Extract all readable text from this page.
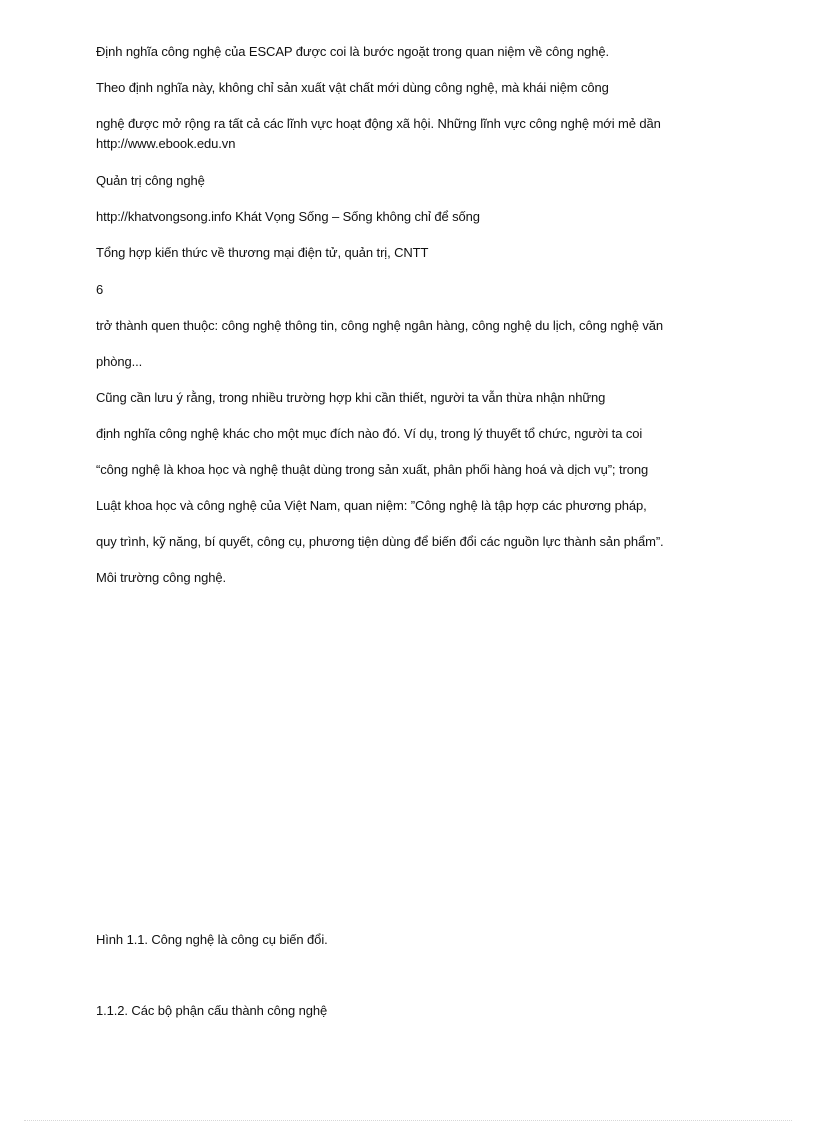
Định nghĩa công nghệ của ESCAP được coi là bước ngoặt trong quan niệm về công nghệ.
Theo định nghĩa này, không chỉ sản xuất vật chất mới dùng công nghệ, mà khái niệm công
nghệ được mở rộng ra tất cả các lĩnh vực hoạt động xã hội. Những lĩnh vực công nghệ mới mẻ dần
http://www.ebook.edu.vn
Quản trị công nghệ
http://khatvongsong.info Khát Vọng Sống – Sống không chỉ để sống
Tổng hợp kiến thức về thương mại điện tử, quản trị, CNTT
6
trở thành quen thuộc: công nghệ thông tin, công nghệ ngân hàng, công nghệ du lịch, công nghệ văn
phòng...
Cũng cần lưu ý rằng, trong nhiều trường hợp khi cần thiết, người ta vẫn thừa nhận những
định nghĩa công nghệ khác cho một mục đích nào đó. Ví dụ, trong lý thuyết tổ chức, người ta coi
“công nghệ là khoa học và nghệ thuật dùng trong sản xuất, phân phối hàng hoá và dịch vụ”; trong
Luật khoa học và công nghệ của Việt Nam, quan niệm: ”Công nghệ là tập hợp các phương pháp,
quy trình, kỹ năng, bí quyết, công cụ, phương tiện dùng để biến đổi các nguồn lực thành sản phẩm”.
Môi trường công nghệ.
Hình 1.1. Công nghệ là công cụ biến đổi.
1.1.2. Các bộ phận cấu thành công nghệ
